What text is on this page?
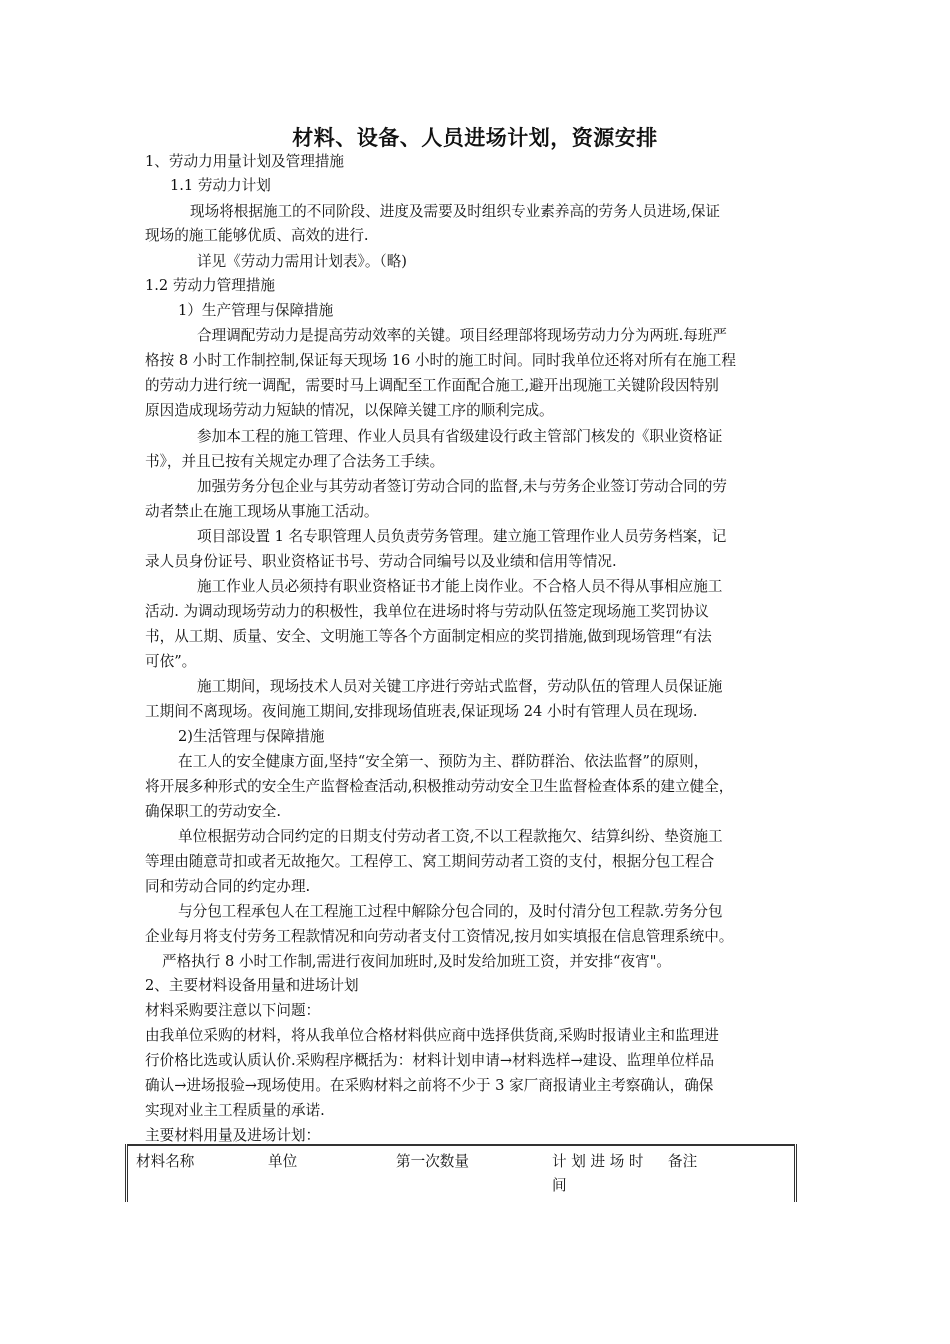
材料、设备、人员进场计划，资源安排
1、劳动力用量计划及管理措施
1.1 劳动力计划
现场将根据施工的不同阶段、进度及需要及时组织专业素养高的劳务人员进场,保证
现场的施工能够优质、高效的进行.
详见《劳动力需用计划表》。（略)
1.2 劳动力管理措施
1）生产管理与保障措施
合理调配劳动力是提高劳动效率的关键。项目经理部将现场劳动力分为两班.每班严
格按 8 小时工作制控制,保证每天现场 16 小时的施工时间。同时我单位还将对所有在施工程
的劳动力进行统一调配，需要时马上调配至工作面配合施工,避开出现施工关键阶段因特别
原因造成现场劳动力短缺的情况，以保障关键工序的顺利完成。
参加本工程的施工管理、作业人员具有省级建设行政主管部门核发的《职业资格证
书》，并且已按有关规定办理了合法务工手续。
加强劳务分包企业与其劳动者签订劳动合同的监督,未与劳务企业签订劳动合同的劳
动者禁止在施工现场从事施工活动。
项目部设置 1 名专职管理人员负责劳务管理。建立施工管理作业人员劳务档案，记
录人员身份证号、职业资格证书号、劳动合同编号以及业绩和信用等情况.
施工作业人员必须持有职业资格证书才能上岗作业。不合格人员不得从事相应施工
活动. 为调动现场劳动力的积极性，我单位在进场时将与劳动队伍签定现场施工奖罚协议
书，从工期、质量、安全、文明施工等各个方面制定相应的奖罚措施,做到现场管理“有法
可依”。
施工期间，现场技术人员对关键工序进行旁站式监督，劳动队伍的管理人员保证施
工期间不离现场。夜间施工期间,安排现场值班表,保证现场 24 小时有管理人员在现场.
2)生活管理与保障措施
在工人的安全健康方面,坚持“安全第一、预防为主、群防群治、依法监督”的原则，
将开展多种形式的安全生产监督检查活动,积极推动劳动安全卫生监督检查体系的建立健全，
确保职工的劳动安全.
单位根据劳动合同约定的日期支付劳动者工资,不以工程款拖欠、结算纠纷、垫资施工
等理由随意苛扣或者无故拖欠。工程停工、窝工期间劳动者工资的支付，根据分包工程合
同和劳动合同的约定办理.
与分包工程承包人在工程施工过程中解除分包合同的，及时付清分包工程款.劳务分包
企业每月将支付劳务工程款情况和向劳动者支付工资情况,按月如实填报在信息管理系统中。
严格执行 8 小时工作制,需进行夜间加班时,及时发给加班工资，并安排“夜宵"。
2、主要材料设备用量和进场计划
材料采购要注意以下问题：
由我单位采购的材料，将从我单位合格材料供应商中选择供货商,采购时报请业主和监理进
行价格比选或认质认价.采购程序概括为：材料计划申请→材料选样→建设、监理单位样品
确认→进场报验→现场使用。在采购材料之前将不少于 3 家厂商报请业主考察确认，确保
实现对业主工程质量的承诺.
主要材料用量及进场计划：
材料名称	单位	第一次数量	计 划 进 场 时
间
	备注
